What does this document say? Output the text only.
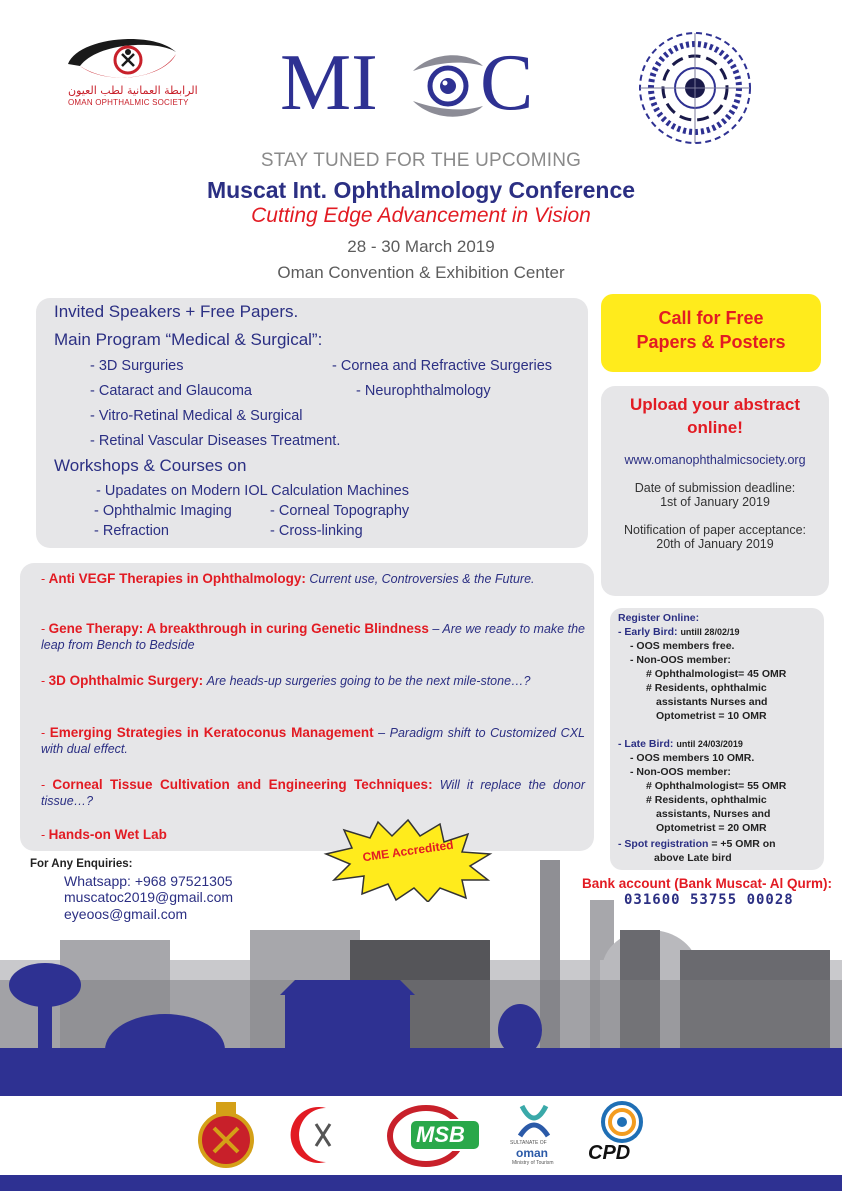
الرابطة العمانية لطب العيون
OMAN OPHTHALMIC SOCIETY	MI C
STAY TUNED FOR THE UPCOMING
Muscat Int. Ophthalmology Conference
Cutting Edge Advancement in Vision
28 - 30 March 2019
Oman Convention & Exhibition Center
Invited Speakers + Free Papers.
Main Program “Medical & Surgical”:
- 3D Surguries	- Cornea and Refractive Surgeries
- Cataract and Glaucoma	- Neurophthalmology
- Vitro-Retinal Medical & Surgical
- Retinal Vascular Diseases Treatment.
Workshops & Courses on
- Upadates on Modern IOL Calculation Machines
- Ophthalmic Imaging	- Corneal Topography
- Refraction	- Cross-linking
Call for Free
Papers & Posters
Upload your abstract
online!
www.omanophthalmicsociety.org
Date of submission deadline:
1st of January 2019
Notification of paper acceptance:
20th of January 2019
- Anti VEGF Therapies in Ophthalmology: Current use, Controversies & the Future.
- Gene Therapy: A breakthrough in curing Genetic Blindness – Are we ready to make the leap from Bench to Bedside
- 3D Ophthalmic Surgery: Are heads-up surgeries going to be the next mile-stone…?
- Emerging Strategies in Keratoconus Management – Paradigm shift to Customized CXL with dual effect.
- Corneal Tissue Cultivation and Engineering Techniques: Will it replace the donor tissue…?
- Hands-on Wet Lab
CME Accredited
Register Online:
- Early Bird: untill 28/02/19
- OOS members free.
- Non-OOS member:
# Ophthalmologist= 45 OMR
# Residents, ophthalmic
assistants Nurses and
Optometrist = 10 OMR
- Late Bird: until 24/03/2019
- OOS members 10 OMR.
- Non-OOS member:
# Ophthalmologist= 55 OMR
# Residents, ophthalmic
assistants, Nurses and
Optometrist = 20 OMR
- Spot registration = +5 OMR on
above Late bird
For Any Enquiries:
Whatsapp: +968 97521305
muscatoc2019@gmail.com
eyeoos@gmail.com
Bank account (Bank Muscat- Al Qurm):
031600 53755 00028
MSB	SULTANATE OF
oman
Ministry of Tourism CPD
